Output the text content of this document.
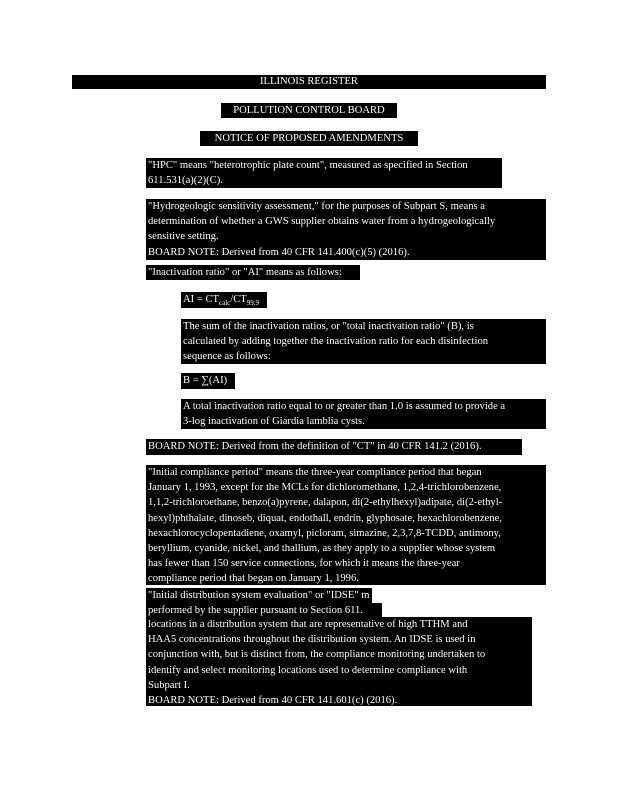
ILLINOIS REGISTER
POLLUTION CONTROL BOARD
NOTICE OF PROPOSED AMENDMENTS
"HPC" means "heterotrophic plate count", measured as specified in Section
611.531(a)(2)(C).
"Hydrogeologic sensitivity assessment," for the purposes of Subpart S, means a
determination of whether a GWS supplier obtains water from a hydrogeologically
sensitive setting.
BOARD NOTE: Derived from 40 CFR 141.400(c)(5) (2016).
"Inactivation ratio" or "AI" means as follows:
AI = $CT_{calc}/CT_{99.9}$
The sum of the inactivation ratios, or "total inactivation ratio" (B), is
calculated by adding together the inactivation ratio for each disinfection
sequence as follows:
B = ∑(AI)
A total inactivation ratio equal to or greater than 1.0 is assumed to provide a
3-log inactivation of Giardia lamblia cysts.
BOARD NOTE: Derived from the definition of "CT" in 40 CFR 141.2 (2016).
"Initial compliance period" means the three-year compliance period that began
January 1, 1993, except for the MCLs for dichloromethane, 1,2,4-trichlorobenzene,
1,1,2-trichloroethane, benzo(a)pyrene, dalapon, di(2-ethylhexyl)adipate, di(2-ethyl-
hexyl)phthalate, dinoseb, diquat, endothall, endrin, glyphosate, hexachlorobenzene,
hexachlorocyclopentadiene, oxamyl, picloram, simazine, 2,3,7,8-TCDD, antimony,
beryllium, cyanide, nickel, and thallium, as they apply to a supplier whose system
has fewer than 150 service connections, for which it means the three-year
compliance period that began on January 1, 1996.
"Initial distribution system evaluation" or "IDSE" m
performed by the supplier pursuant to Section 611.
locations in a distribution system that are representative of high TTHM and
HAA5 concentrations throughout the distribution system. An IDSE is used in
conjunction with, but is distinct from, the compliance monitoring undertaken to
identify and select monitoring locations used to determine compliance with
Subpart I.
BOARD NOTE: Derived from 40 CFR 141.601(c) (2016).
